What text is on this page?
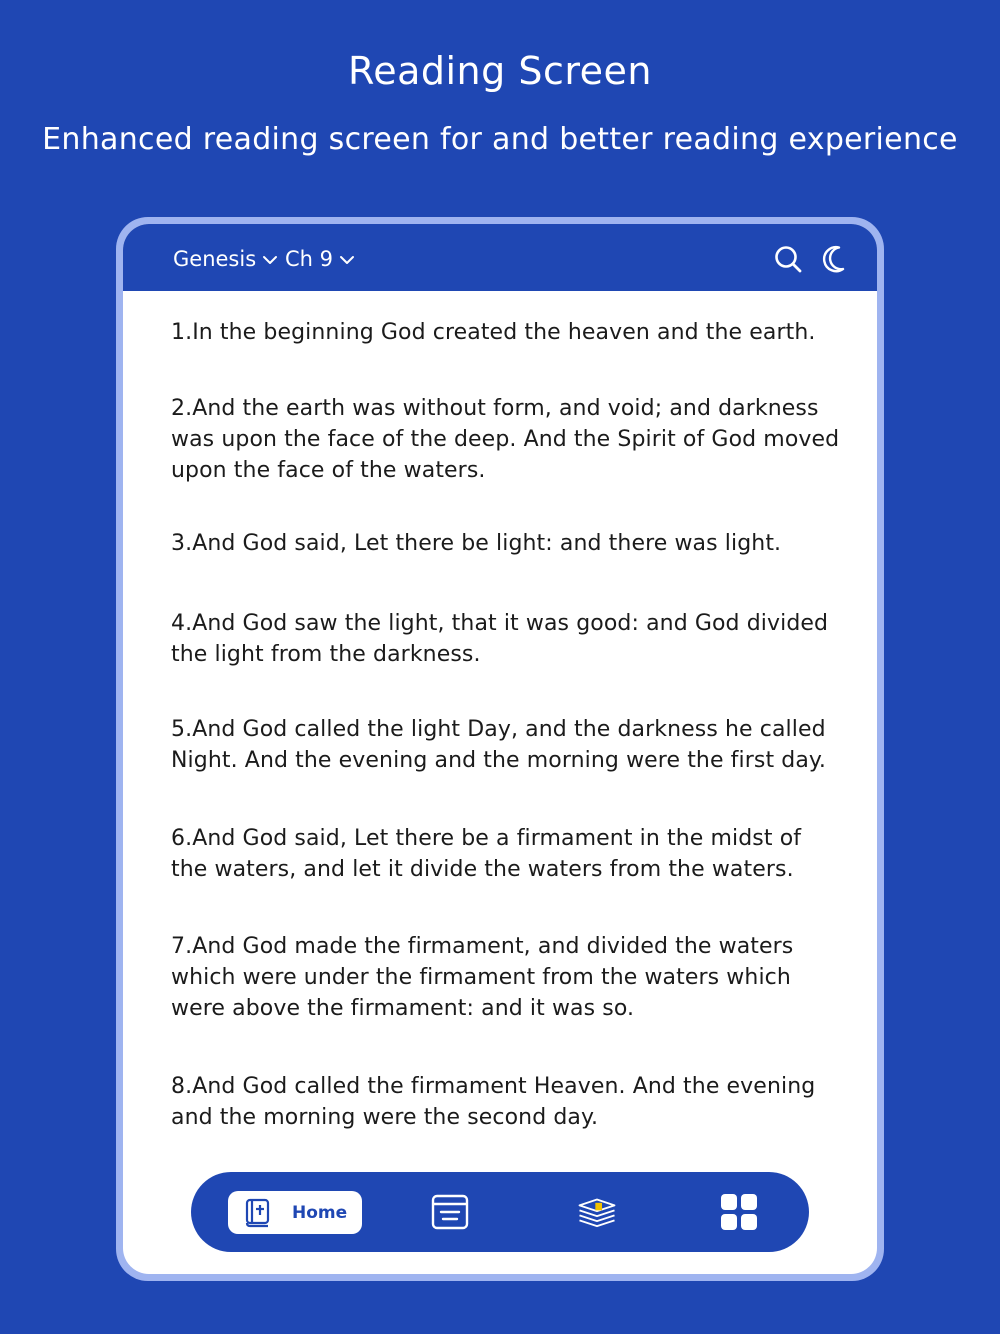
Reading Screen
Enhanced reading screen for and better reading experience
Genesis Ch 9
1.In the beginning God created the heaven and the earth.
2.And the earth was without form, and void; and darkness was upon the face of the deep. And the Spirit of God moved upon the face of the waters.
3.And God said, Let there be light: and there was light.
4.And God saw the light, that it was good: and God divided the light from the darkness.
5.And God called the light Day, and the darkness he called Night. And the evening and the morning were the first day.
6.And God said, Let there be a firmament in the midst of the waters, and let it divide the waters from the waters.
7.And God made the firmament, and divided the waters which were under the firmament from the waters which were above the firmament: and it was so.
8.And God called the firmament Heaven. And the evening and the morning were the second day.
Home
